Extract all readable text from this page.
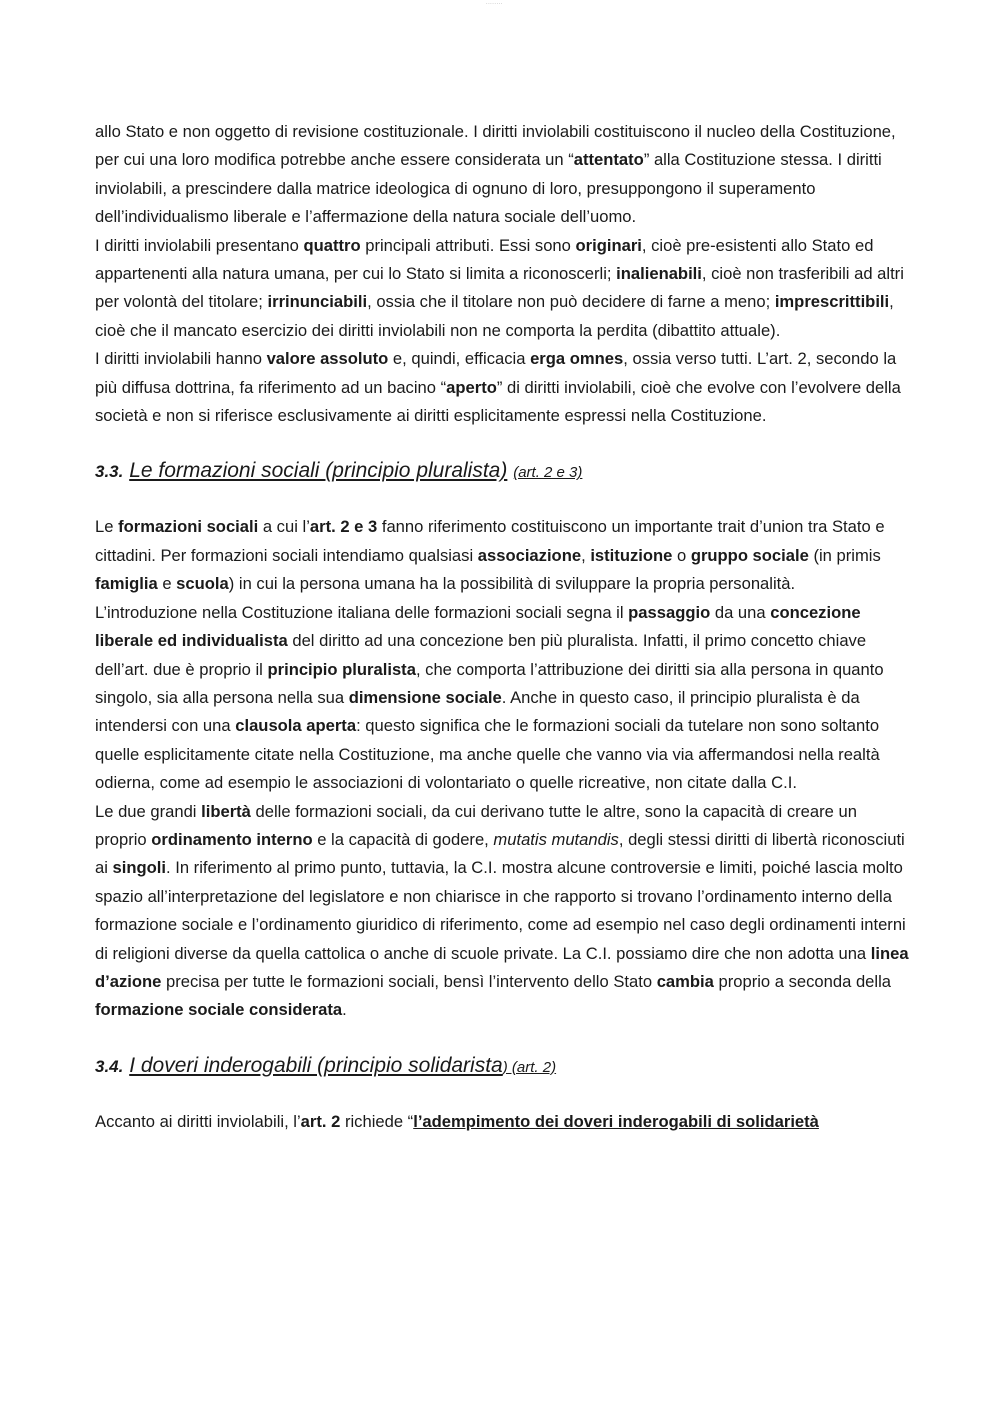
........

allo Stato e non oggetto di revisione costituzionale. I diritti inviolabili costituiscono il nucleo della Costituzione, per cui una loro modifica potrebbe anche essere considerata un “attentato” alla Costituzione stessa. I diritti inviolabili, a prescindere dalla matrice ideologica di ognuno di loro, presuppongono il superamento dell’individualismo liberale e l’affermazione della natura sociale dell’uomo.

I diritti inviolabili presentano quattro principali attributi. Essi sono originari, cioè pre-esistenti allo Stato ed appartenenti alla natura umana, per cui lo Stato si limita a riconoscerli; inalienabili, cioè non trasferibili ad altri per volontà del titolare; irrinunciabili, ossia che il titolare non può decidere di farne a meno; imprescrittibili, cioè che il mancato esercizio dei diritti inviolabili non ne comporta la perdita (dibattito attuale).

I diritti inviolabili hanno valore assoluto e, quindi, efficacia erga omnes, ossia verso tutti. L’art. 2, secondo la più diffusa dottrina, fa riferimento ad un bacino “aperto” di diritti inviolabili, cioè che evolve con l’evolvere della società e non si riferisce esclusivamente ai diritti esplicitamente espressi nella Costituzione.

3.3. Le formazioni sociali (principio pluralista) (art. 2 e 3)

Le formazioni sociali a cui l’art. 2 e 3 fanno riferimento costituiscono un importante trait d’union tra Stato e cittadini. Per formazioni sociali intendiamo qualsiasi associazione, istituzione o gruppo sociale (in primis famiglia e scuola) in cui la persona umana ha la possibilità di sviluppare la propria personalità.

L’introduzione nella Costituzione italiana delle formazioni sociali segna il passaggio da una concezione liberale ed individualista del diritto ad una concezione ben più pluralista. Infatti, il primo concetto chiave dell’art. due è proprio il principio pluralista, che comporta l’attribuzione dei diritti sia alla persona in quanto singolo, sia alla persona nella sua dimensione sociale. Anche in questo caso, il principio pluralista è da intendersi con una clausola aperta: questo significa che le formazioni sociali da tutelare non sono soltanto quelle esplicitamente citate nella Costituzione, ma anche quelle che vanno via via affermandosi nella realtà odierna, come ad esempio le associazioni di volontariato o quelle ricreative, non citate dalla C.I.

Le due grandi libertà delle formazioni sociali, da cui derivano tutte le altre, sono la capacità di creare un proprio ordinamento interno e la capacità di godere, mutatis mutandis, degli stessi diritti di libertà riconosciuti ai singoli. In riferimento al primo punto, tuttavia, la C.I. mostra alcune controversie e limiti, poiché lascia molto spazio all’interpretazione del legislatore e non chiarisce in che rapporto si trovano l’ordinamento interno della formazione sociale e l’ordinamento giuridico di riferimento, come ad esempio nel caso degli ordinamenti interni di religioni diverse da quella cattolica o anche di scuole private. La C.I. possiamo dire che non adotta una linea d’azione precisa per tutte le formazioni sociali, bensì l’intervento dello Stato cambia proprio a seconda della formazione sociale considerata.

3.4. I doveri inderogabili (principio solidarista) (art. 2)

Accanto ai diritti inviolabili, l’art. 2 richiede “l’adempimento dei doveri inderogabili di solidarietà
